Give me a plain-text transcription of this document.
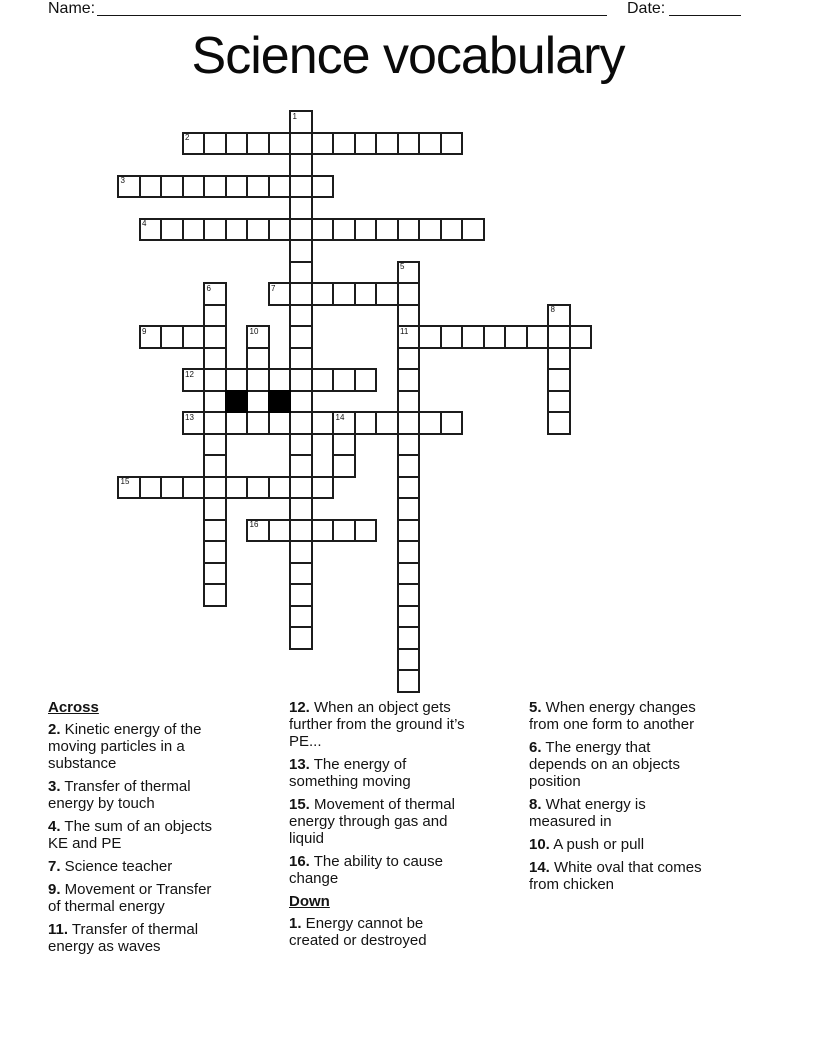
Name:	Date:
Science vocabulary
1
2
3
4
5
6	7
8
9	10	11
12
13	14
15
16

Across

2. Kinetic energy of the moving particles in a substance

3. Transfer of thermal energy by touch

4. The sum of an objects KE and PE

7. Science teacher

9. Movement or Transfer of thermal energy

11. Transfer of thermal energy as waves

12. When an object gets further from the ground it’s PE...

13. The energy of something moving

15. Movement of thermal energy through gas and liquid

16. The ability to cause change

Down

1. Energy cannot be created or destroyed

5. When energy changes from one form to another

6. The energy that depends on an objects position

8. What energy is measured in

10. A push or pull

14. White oval that comes from chicken
